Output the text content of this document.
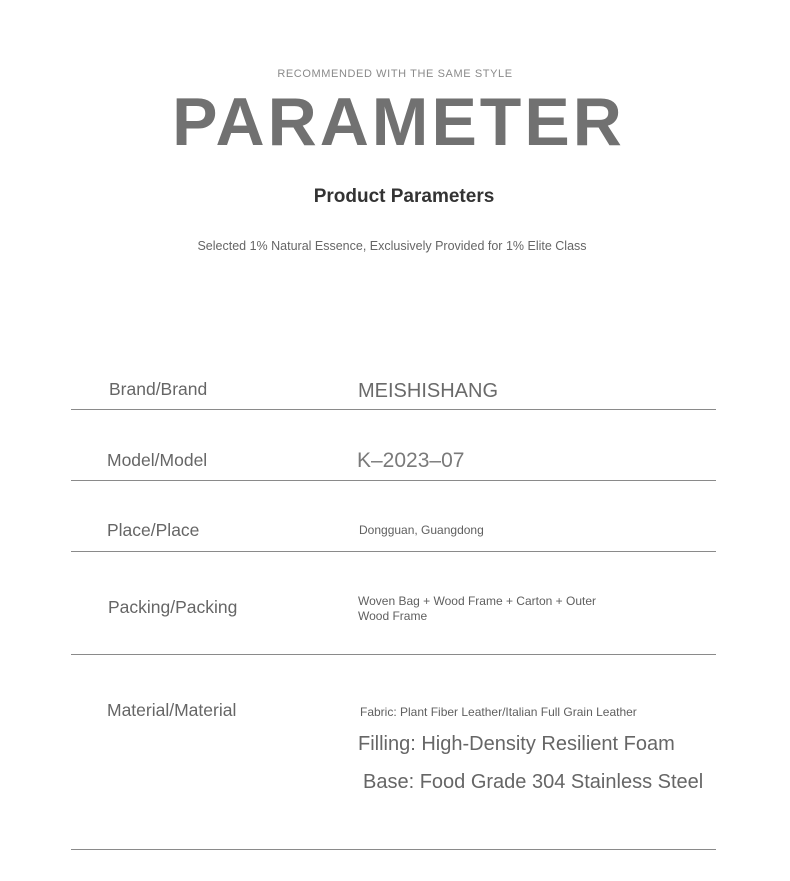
RECOMMENDED WITH THE SAME STYLE
PARAMETER
Product Parameters
Selected 1% Natural Essence, Exclusively Provided for 1% Elite Class
Brand/Brand	MEISHISHANG
Model/Model	K–2023–07
Place/Place	Dongguan, Guangdong
Packing/Packing	Woven Bag + Wood Frame + Carton + Outer Wood Frame
Material/Material	Fabric: Plant Fiber Leather/Italian Full Grain Leather
Filling: High-Density Resilient Foam
Base: Food Grade 304 Stainless Steel
